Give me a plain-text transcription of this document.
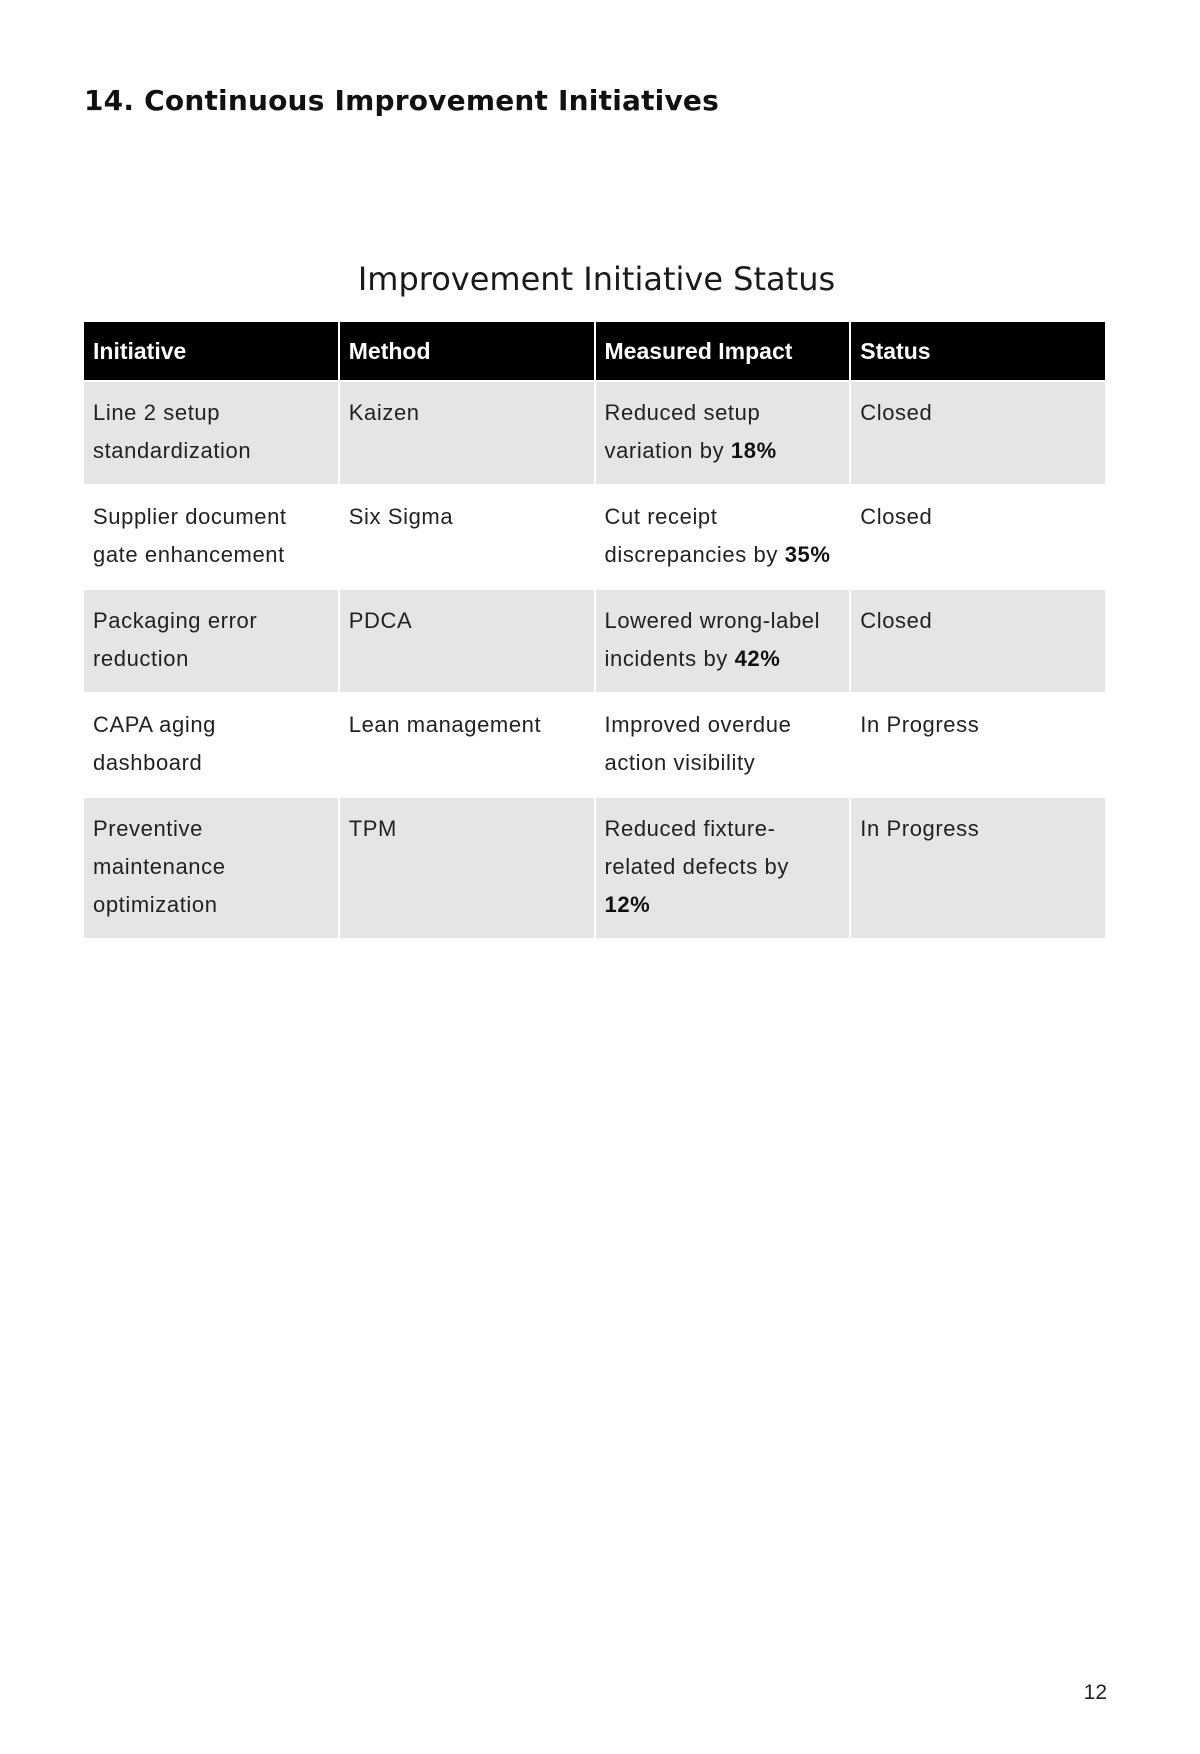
14. Continuous Improvement Initiatives
Improvement Initiative Status
Initiative	Method	Measured Impact	Status
Line 2 setup standardization	Kaizen	Reduced setup variation by 18%	Closed
Supplier document gate enhancement	Six Sigma	Cut receipt discrepancies by 35%	Closed
Packaging error reduction	PDCA	Lowered wrong-label incidents by 42%	Closed
CAPA aging dashboard	Lean management	Improved overdue action visibility	In Progress
Preventive maintenance optimization	TPM	Reduced fixture-related defects by 12%	In Progress
12
